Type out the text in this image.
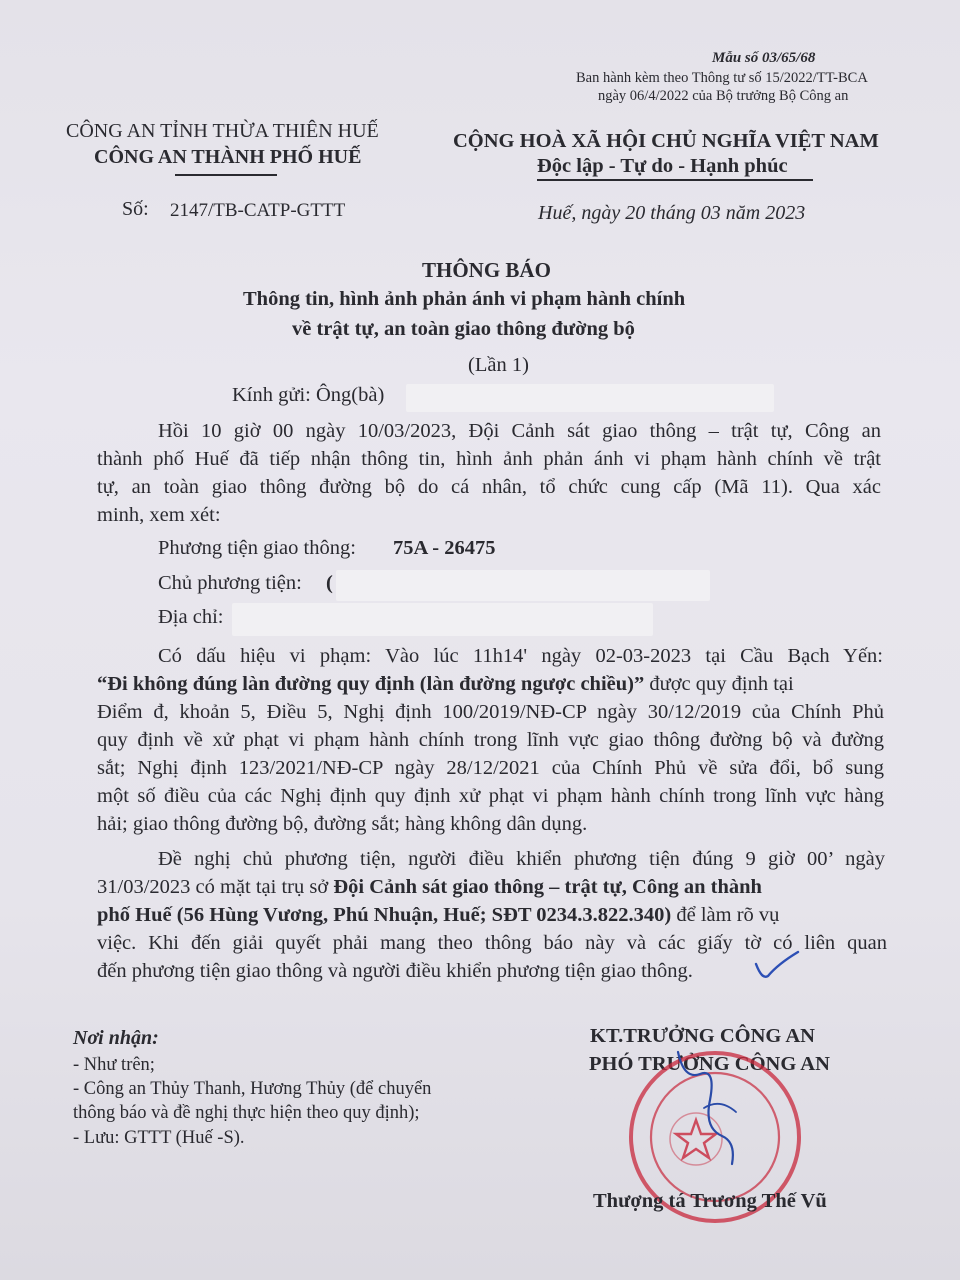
Mẫu số 03/65/68
Ban hành kèm theo Thông tư số 15/2022/TT-BCA
ngày 06/4/2022 của Bộ trưởng Bộ Công an
CÔNG AN TỈNH THỪA THIÊN HUẾ
CÔNG AN THÀNH PHỐ HUẾ
Số: 2147/TB-CATP-GTTT
CỘNG HOÀ XÃ HỘI CHỦ NGHĨA VIỆT NAM
Độc lập - Tự do - Hạnh phúc
Huế, ngày 20 tháng 03 năm 2023
THÔNG BÁO
Thông tin, hình ảnh phản ánh vi phạm hành chính
về trật tự, an toàn giao thông đường bộ
(Lần 1)
Kính gửi: Ông(bà)
Hồi 10 giờ 00 ngày 10/03/2023, Đội Cảnh sát giao thông – trật tự, Công an
thành phố Huế đã tiếp nhận thông tin, hình ảnh phản ánh vi phạm hành chính về trật
tự, an toàn giao thông đường bộ do cá nhân, tổ chức cung cấp (Mã 11). Qua xác
minh, xem xét:
Phương tiện giao thông: 75A - 26475
Chủ phương tiện: (
Địa chỉ:
Có dấu hiệu vi phạm: Vào lúc 11h14' ngày 02-03-2023 tại Cầu Bạch Yến:
“Đi không đúng làn đường quy định (làn đường ngược chiều)” được quy định tại
Điểm đ, khoản 5, Điều 5, Nghị định 100/2019/NĐ-CP ngày 30/12/2019 của Chính Phủ
quy định về xử phạt vi phạm hành chính trong lĩnh vực giao thông đường bộ và đường
sắt; Nghị định 123/2021/NĐ-CP ngày 28/12/2021 của Chính Phủ về sửa đổi, bổ sung
một số điều của các Nghị định quy định xử phạt vi phạm hành chính trong lĩnh vực hàng
hải; giao thông đường bộ, đường sắt; hàng không dân dụng.
Đề nghị chủ phương tiện, người điều khiển phương tiện đúng 9 giờ 00’ ngày
31/03/2023 có mặt tại trụ sở Đội Cảnh sát giao thông – trật tự, Công an thành
phố Huế (56 Hùng Vương, Phú Nhuận, Huế; SĐT 0234.3.822.340) để làm rõ vụ
việc. Khi đến giải quyết phải mang theo thông báo này và các giấy tờ có liên quan
đến phương tiện giao thông và người điều khiển phương tiện giao thông.
Nơi nhận:
- Như trên;
- Công an Thủy Thanh, Hương Thủy (để chuyển
thông báo và đề nghị thực hiện theo quy định);
- Lưu: GTTT (Huế -S).
KT.TRƯỞNG CÔNG AN
PHÓ TRƯỞNG CÔNG AN
Thượng tá Trương Thế Vũ
